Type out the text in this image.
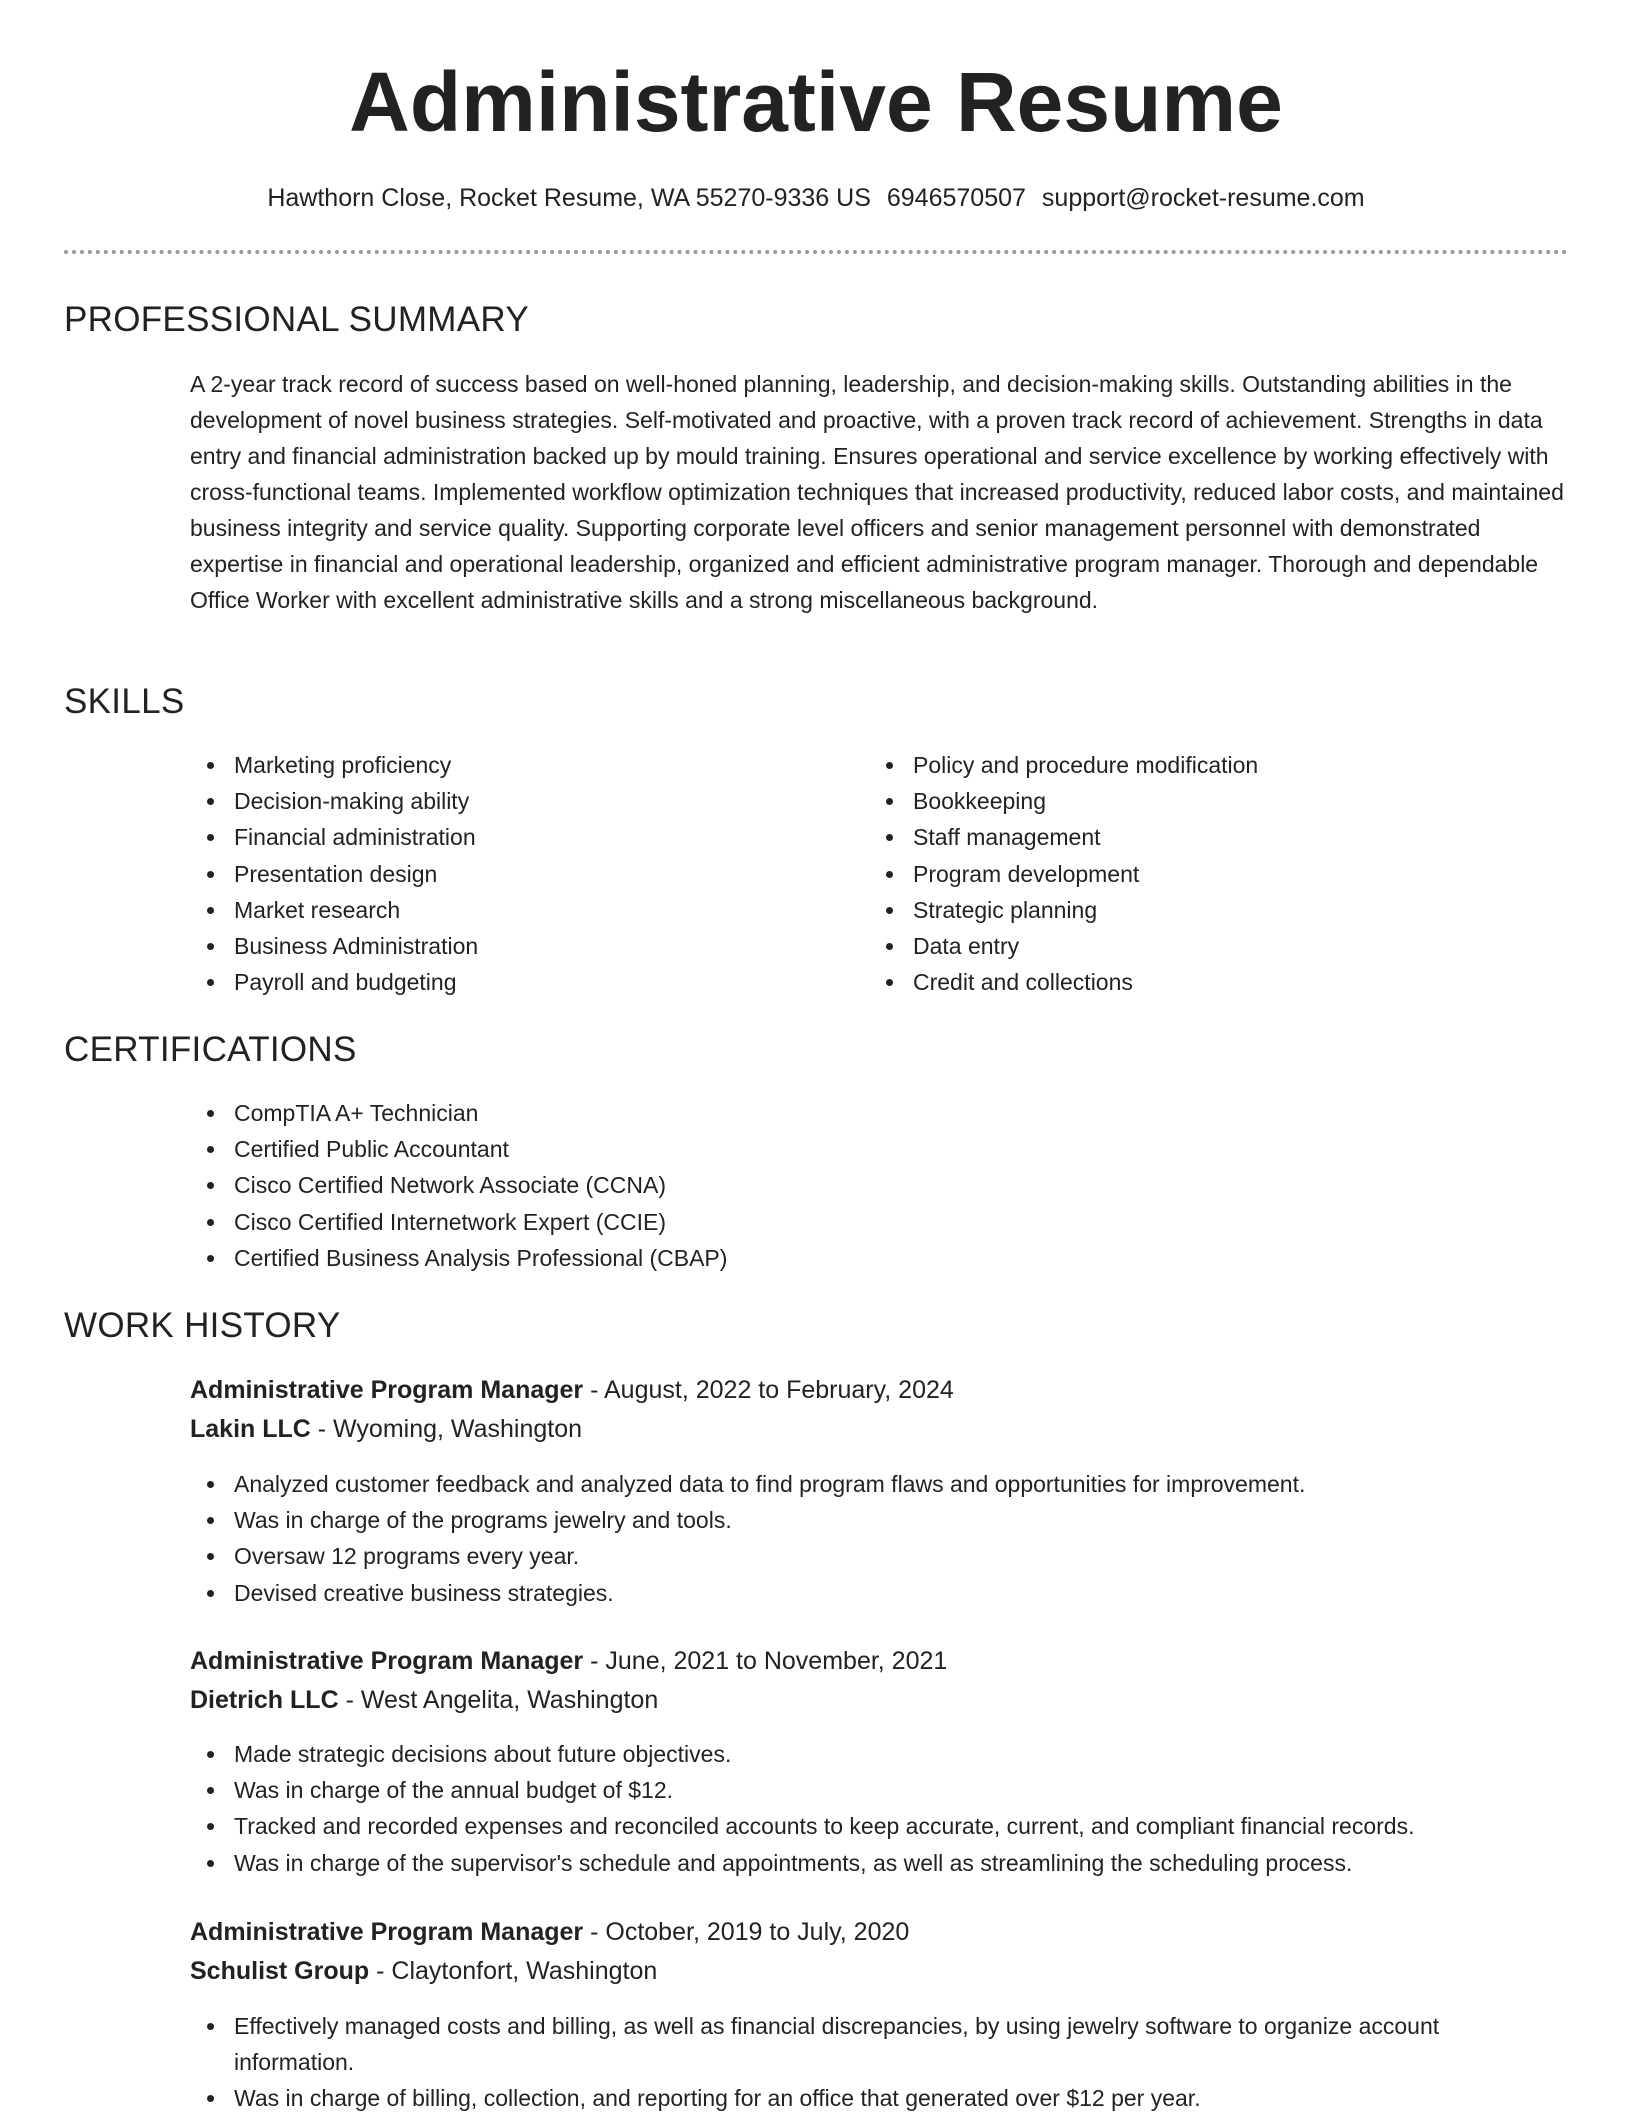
Administrative Resume
Hawthorn Close, Rocket Resume, WA 55270-9336 US 6946570507 support@rocket-resume.com
PROFESSIONAL SUMMARY

A 2-year track record of success based on well-honed planning, leadership, and decision-making skills. Outstanding abilities in the development of novel business strategies. Self-motivated and proactive, with a proven track record of achievement. Strengths in data entry and financial administration backed up by mould training. Ensures operational and service excellence by working effectively with cross-functional teams. Implemented workflow optimization techniques that increased productivity, reduced labor costs, and maintained business integrity and service quality. Supporting corporate level officers and senior management personnel with demonstrated expertise in financial and operational leadership, organized and efficient administrative program manager. Thorough and dependable Office Worker with excellent administrative skills and a strong miscellaneous background.

SKILLS
Marketing proficiency
Decision-making ability
Financial administration
Presentation design
Market research
Business Administration
Payroll and budgeting
Policy and procedure modification
Bookkeeping
Staff management
Program development
Strategic planning
Data entry
Credit and collections
CERTIFICATIONS
CompTIA A+ Technician
Certified Public Accountant
Cisco Certified Network Associate (CCNA)
Cisco Certified Internetwork Expert (CCIE)
Certified Business Analysis Professional (CBAP)
WORK HISTORY
Administrative Program Manager - August, 2022 to February, 2024
Lakin LLC - Wyoming, Washington
Analyzed customer feedback and analyzed data to find program flaws and opportunities for improvement.
Was in charge of the programs jewelry and tools.
Oversaw 12 programs every year.
Devised creative business strategies.
Administrative Program Manager - June, 2021 to November, 2021
Dietrich LLC - West Angelita, Washington
Made strategic decisions about future objectives.
Was in charge of the annual budget of $12.
Tracked and recorded expenses and reconciled accounts to keep accurate, current, and compliant financial records.
Was in charge of the supervisor's schedule and appointments, as well as streamlining the scheduling process.
Administrative Program Manager - October, 2019 to July, 2020
Schulist Group - Claytonfort, Washington
Effectively managed costs and billing, as well as financial discrepancies, by using jewelry software to organize account information.
Was in charge of billing, collection, and reporting for an office that generated over $12 per year.
